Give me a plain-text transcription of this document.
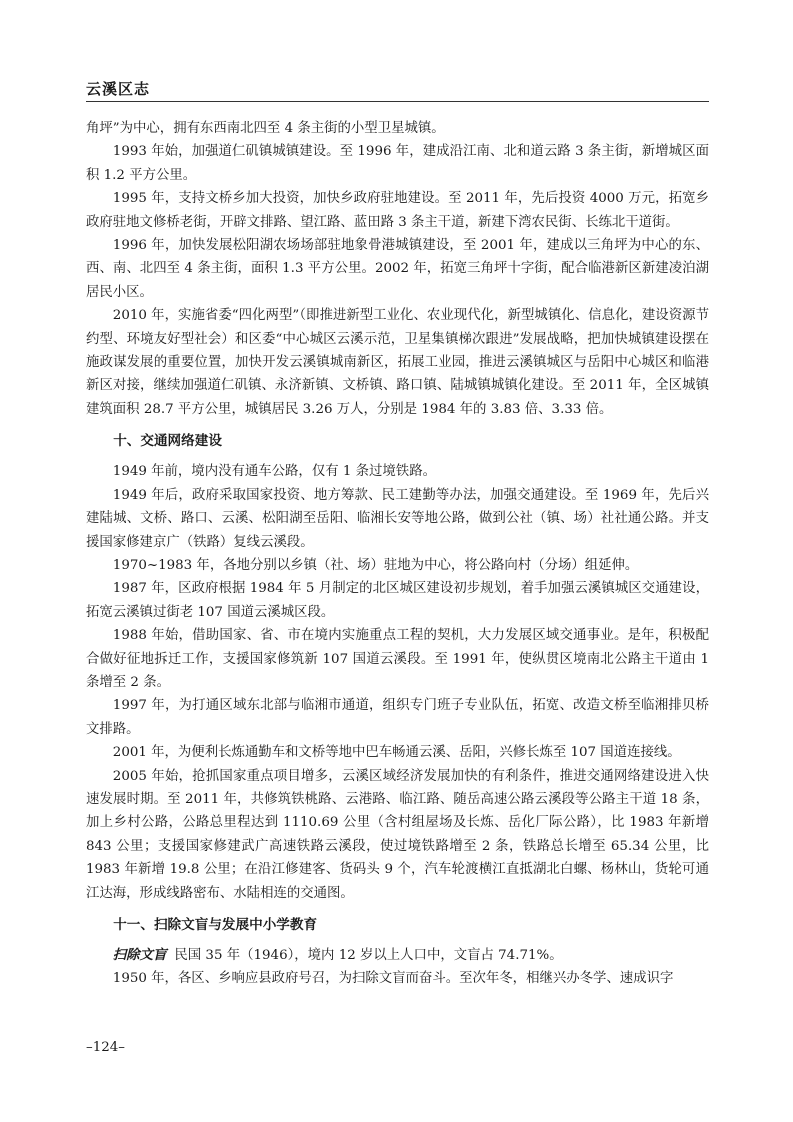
云溪区志

角坪”为中心，拥有东西南北四至 4 条主街的小型卫星城镇。

1993 年始，加强道仁矶镇城镇建设。至 1996 年，建成沿江南、北和道云路 3 条主街，新增城区面积 1.2 平方公里。

1995 年，支持文桥乡加大投资，加快乡政府驻地建设。至 2011 年，先后投资 4000 万元，拓宽乡政府驻地文修桥老街，开辟文排路、望江路、蓝田路 3 条主干道，新建下湾农民街、长练北干道街。

1996 年，加快发展松阳湖农场场部驻地象骨港城镇建设，至 2001 年，建成以三角坪为中心的东、西、南、北四至 4 条主街，面积 1.3 平方公里。2002 年，拓宽三角坪十字街，配合临港新区新建凌泊湖居民小区。

2010 年，实施省委“四化两型”（即推进新型工业化、农业现代化，新型城镇化、信息化，建设资源节约型、环境友好型社会）和区委“中心城区云溪示范，卫星集镇梯次跟进”发展战略，把加快城镇建设摆在施政谋发展的重要位置，加快开发云溪镇城南新区，拓展工业园，推进云溪镇城区与岳阳中心城区和临港新区对接，继续加强道仁矶镇、永济新镇、文桥镇、路口镇、陆城镇城镇化建设。至 2011 年，全区城镇建筑面积 28.7 平方公里，城镇居民 3.26 万人，分别是 1984 年的 3.83 倍、3.33 倍。

十、交通网络建设

1949 年前，境内没有通车公路，仅有 1 条过境铁路。

1949 年后，政府采取国家投资、地方筹款、民工建勤等办法，加强交通建设。至 1969 年，先后兴建陆城、文桥、路口、云溪、松阳湖至岳阳、临湘长安等地公路，做到公社（镇、场）社社通公路。并支援国家修建京广（铁路）复线云溪段。

1970~1983 年，各地分别以乡镇（社、场）驻地为中心，将公路向村（分场）组延伸。

1987 年，区政府根据 1984 年 5 月制定的北区城区建设初步规划，着手加强云溪镇城区交通建设，拓宽云溪镇过街老 107 国道云溪城区段。

1988 年始，借助国家、省、市在境内实施重点工程的契机，大力发展区域交通事业。是年，积极配合做好征地拆迁工作，支援国家修筑新 107 国道云溪段。至 1991 年，使纵贯区境南北公路主干道由 1 条增至 2 条。

1997 年，为打通区域东北部与临湘市通道，组织专门班子专业队伍，拓宽、改造文桥至临湘排贝桥文排路。

2001 年，为便利长炼通勤车和文桥等地中巴车畅通云溪、岳阳，兴修长炼至 107 国道连接线。

2005 年始，抢抓国家重点项目增多，云溪区域经济发展加快的有利条件，推进交通网络建设进入快速发展时期。至 2011 年，共修筑铁桃路、云港路、临江路、随岳高速公路云溪段等公路主干道 18 条，加上乡村公路，公路总里程达到 1110.69 公里（含村组屋场及长炼、岳化厂际公路），比 1983 年新增 843 公里；支援国家修建武广高速铁路云溪段，使过境铁路增至 2 条，铁路总长增至 65.34 公里，比 1983 年新增 19.8 公里；在沿江修建客、货码头 9 个，汽车轮渡横江直抵湖北白螺、杨林山，货轮可通江达海，形成线路密布、水陆相连的交通图。

十一、扫除文盲与发展中小学教育

扫除文盲 民国 35 年（1946），境内 12 岁以上人口中，文盲占 74.71%。

1950 年，各区、乡响应县政府号召，为扫除文盲而奋斗。至次年冬，相继兴办冬学、速成识字

–124–
